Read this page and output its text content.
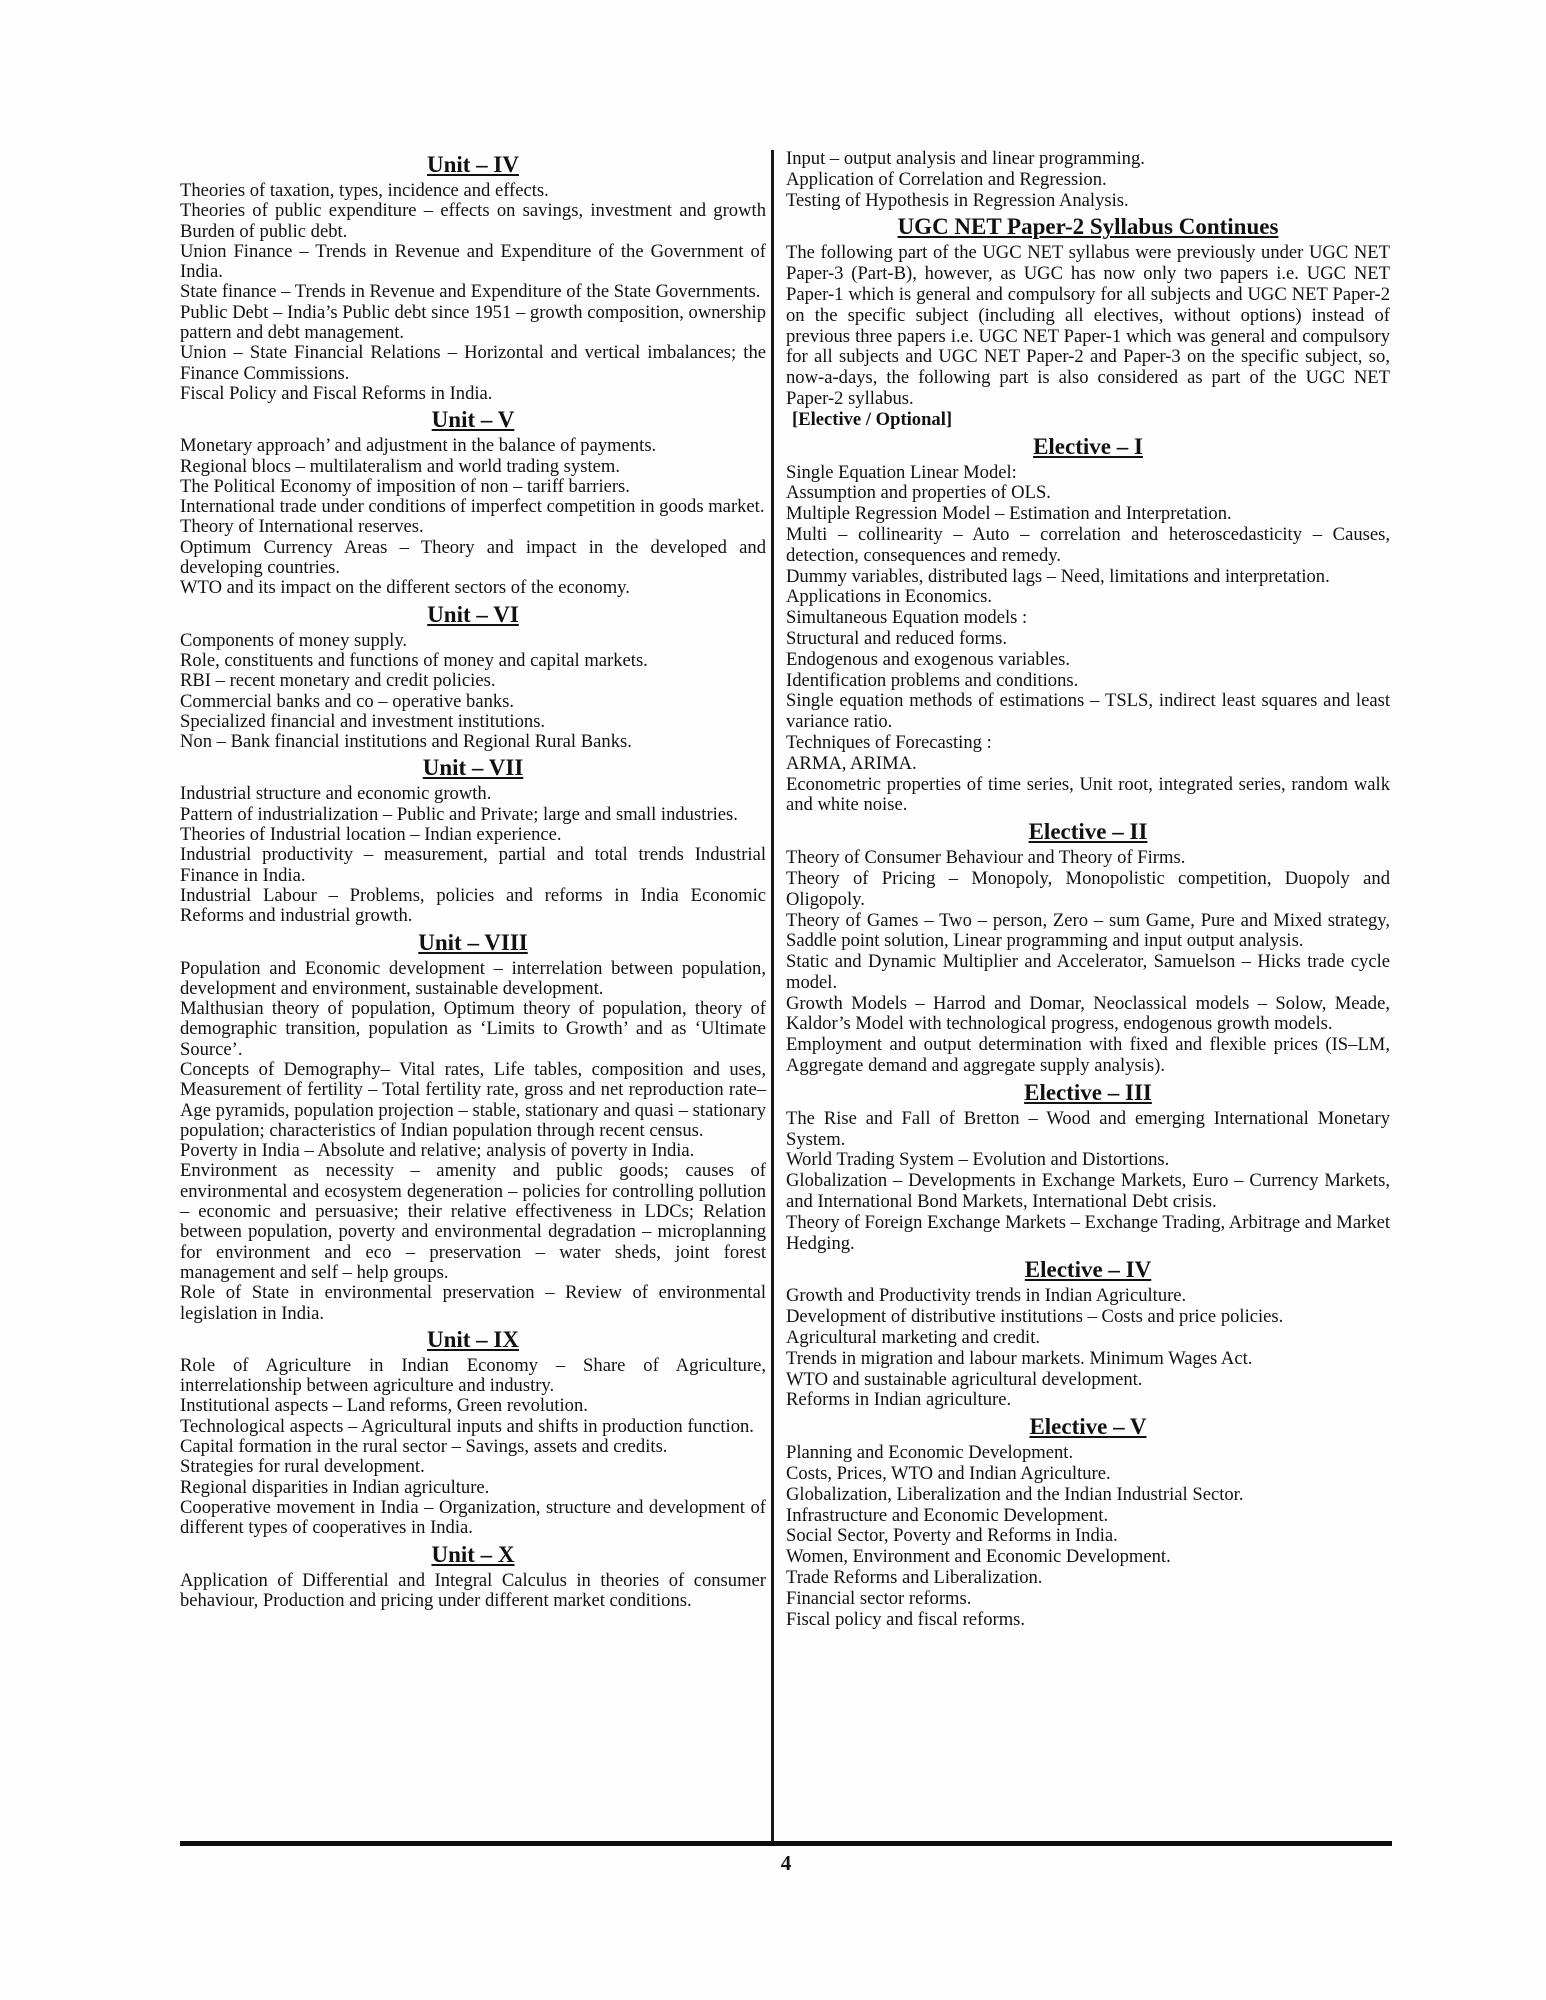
Unit – IV

Theories of taxation, types, incidence and effects.

Theories of public expenditure – effects on savings, investment and growth Burden of public debt.

Union Finance – Trends in Revenue and Expenditure of the Government of India.

State finance – Trends in Revenue and Expenditure of the State Governments.

Public Debt – India’s Public debt since 1951 – growth composition, ownership pattern and debt management.

Union – State Financial Relations – Horizontal and vertical imbalances; the Finance Commissions.

Fiscal Policy and Fiscal Reforms in India.

Unit – V

Monetary approach’ and adjustment in the balance of payments.

Regional blocs – multilateralism and world trading system.

The Political Economy of imposition of non – tariff barriers.

International trade under conditions of imperfect competition in goods market.

Theory of International reserves.

Optimum Currency Areas – Theory and impact in the developed and developing countries.

WTO and its impact on the different sectors of the economy.

Unit – VI

Components of money supply.

Role, constituents and functions of money and capital markets.

RBI – recent monetary and credit policies.

Commercial banks and co – operative banks.

Specialized financial and investment institutions.

Non – Bank financial institutions and Regional Rural Banks.

Unit – VII

Industrial structure and economic growth.

Pattern of industrialization – Public and Private; large and small industries.

Theories of Industrial location – Indian experience.

Industrial productivity – measurement, partial and total trends Industrial Finance in India.

Industrial Labour – Problems, policies and reforms in India Economic Reforms and industrial growth.

Unit – VIII

Population and Economic development – interrelation between population, development and environment, sustainable development.

Malthusian theory of population, Optimum theory of population, theory of demographic transition, population as ‘Limits to Growth’ and as ‘Ultimate Source’.

Concepts of Demography– Vital rates, Life tables, composition and uses, Measurement of fertility – Total fertility rate, gross and net reproduction rate– Age pyramids, population projection – stable, stationary and quasi – stationary population; characteristics of Indian population through recent census.

Poverty in India – Absolute and relative; analysis of poverty in India.

Environment as necessity – amenity and public goods; causes of environmental and ecosystem degeneration – policies for controlling pollution – economic and persuasive; their relative effectiveness in LDCs; Relation between population, poverty and environmental degradation – microplanning for environment and eco – preservation – water sheds, joint forest management and self – help groups.

Role of State in environmental preservation – Review of environmental legislation in India.

Unit – IX

Role of Agriculture in Indian Economy – Share of Agriculture, interrelationship between agriculture and industry.

Institutional aspects – Land reforms, Green revolution.

Technological aspects – Agricultural inputs and shifts in production function.

Capital formation in the rural sector – Savings, assets and credits.

Strategies for rural development.

Regional disparities in Indian agriculture.

Cooperative movement in India – Organization, structure and development of different types of cooperatives in India.

Unit – X

Application of Differential and Integral Calculus in theories of consumer behaviour, Production and pricing under different market conditions.

Input – output analysis and linear programming.

Application of Correlation and Regression.

Testing of Hypothesis in Regression Analysis.

UGC NET Paper-2 Syllabus Continues

The following part of the UGC NET syllabus were previously under UGC NET Paper-3 (Part-B), however, as UGC has now only two papers i.e. UGC NET Paper-1 which is general and compulsory for all subjects and UGC NET Paper-2 on the specific subject (including all electives, without options) instead of previous three papers i.e. UGC NET Paper-1 which was general and compulsory for all subjects and UGC NET Paper-2 and Paper-3 on the specific subject, so, now-a-days, the following part is also considered as part of the UGC NET Paper-2 syllabus.

[Elective / Optional]

Elective – I

Single Equation Linear Model:

Assumption and properties of OLS.

Multiple Regression Model – Estimation and Interpretation.

Multi – collinearity – Auto – correlation and heteroscedasticity – Causes, detection, consequences and remedy.

Dummy variables, distributed lags – Need, limitations and interpretation.

Applications in Economics.

Simultaneous Equation models :

Structural and reduced forms.

Endogenous and exogenous variables.

Identification problems and conditions.

Single equation methods of estimations – TSLS, indirect least squares and least variance ratio.

Techniques of Forecasting :

ARMA, ARIMA.

Econometric properties of time series, Unit root, integrated series, random walk and white noise.

Elective – II

Theory of Consumer Behaviour and Theory of Firms.

Theory of Pricing – Monopoly, Monopolistic competition, Duopoly and Oligopoly.

Theory of Games – Two – person, Zero – sum Game, Pure and Mixed strategy, Saddle point solution, Linear programming and input output analysis.

Static and Dynamic Multiplier and Accelerator, Samuelson – Hicks trade cycle model.

Growth Models – Harrod and Domar, Neoclassical models – Solow, Meade, Kaldor’s Model with technological progress, endogenous growth models.

Employment and output determination with fixed and flexible prices (IS–LM, Aggregate demand and aggregate supply analysis).

Elective – III

The Rise and Fall of Bretton – Wood and emerging International Monetary System.

World Trading System – Evolution and Distortions.

Globalization – Developments in Exchange Markets, Euro – Currency Markets, and International Bond Markets, International Debt crisis.

Theory of Foreign Exchange Markets – Exchange Trading, Arbitrage and Market Hedging.

Elective – IV

Growth and Productivity trends in Indian Agriculture.

Development of distributive institutions – Costs and price policies.

Agricultural marketing and credit.

Trends in migration and labour markets. Minimum Wages Act.

WTO and sustainable agricultural development.

Reforms in Indian agriculture.

Elective – V

Planning and Economic Development.

Costs, Prices, WTO and Indian Agriculture.

Globalization, Liberalization and the Indian Industrial Sector.

Infrastructure and Economic Development.

Social Sector, Poverty and Reforms in India.

Women, Environment and Economic Development.

Trade Reforms and Liberalization.

Financial sector reforms.

Fiscal policy and fiscal reforms.

4
